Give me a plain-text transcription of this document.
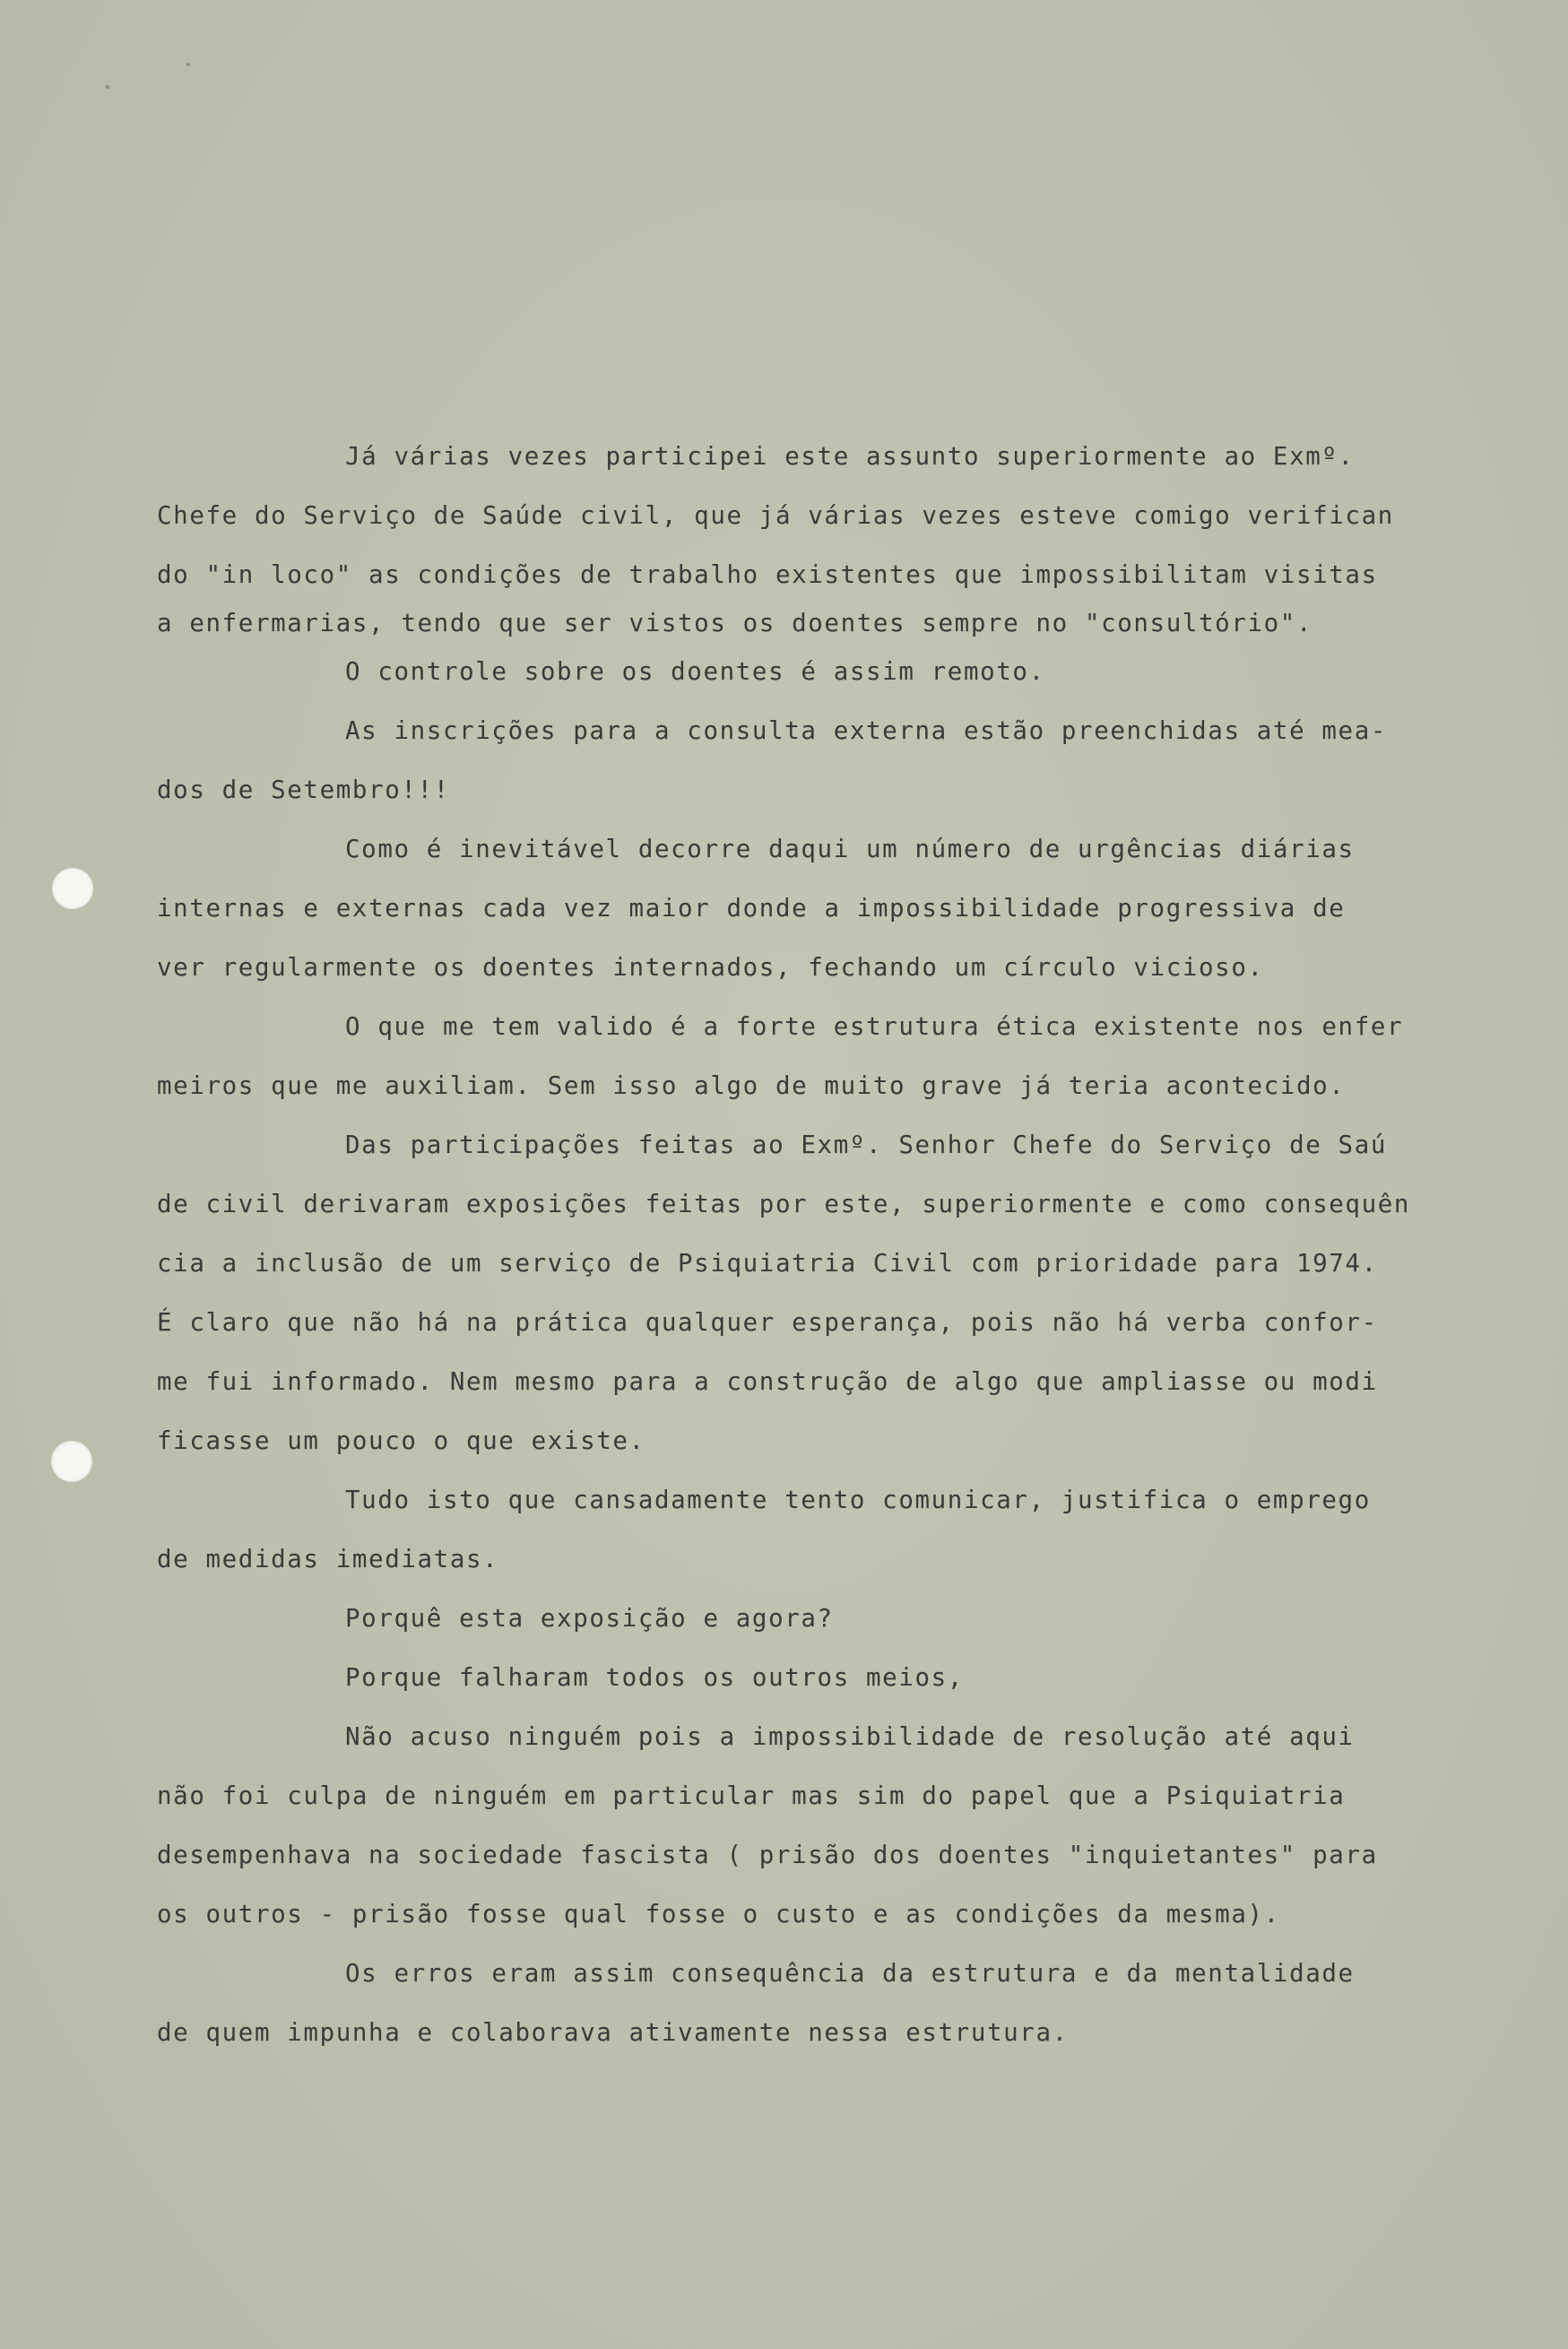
Já várias vezes participei este assunto superiormente ao Exmº.
Chefe do Serviço de Saúde civil, que já várias vezes esteve comigo verifican
do "in loco" as condições de trabalho existentes que impossibilitam visitas
a enfermarias, tendo que ser vistos os doentes sempre no "consultório".
O controle sobre os doentes é assim remoto.
As inscrições para a consulta externa estão preenchidas até mea-
dos de Setembro!!!
Como é inevitável decorre daqui um número de urgências diárias
internas e externas cada vez maior donde a impossibilidade progressiva de
ver regularmente os doentes internados, fechando um círculo vicioso.
O que me tem valido é a forte estrutura ética existente nos enfer
meiros que me auxiliam. Sem isso algo de muito grave já teria acontecido.
Das participações feitas ao Exmº. Senhor Chefe do Serviço de Saú
de civil derivaram exposições feitas por este, superiormente e como consequên
cia a inclusão de um serviço de Psiquiatria Civil com prioridade para 1974.
É claro que não há na prática qualquer esperança, pois não há verba confor-
me fui informado. Nem mesmo para a construção de algo que ampliasse ou modi
ficasse um pouco o que existe.
Tudo isto que cansadamente tento comunicar, justifica o emprego
de medidas imediatas.
Porquê esta exposição e agora?
Porque falharam todos os outros meios,
Não acuso ninguém pois a impossibilidade de resolução até aqui
não foi culpa de ninguém em particular mas sim do papel que a Psiquiatria
desempenhava na sociedade fascista ( prisão dos doentes "inquietantes" para
os outros - prisão fosse qual fosse o custo e as condições da mesma).
Os erros eram assim consequência da estrutura e da mentalidade
de quem impunha e colaborava ativamente nessa estrutura.
